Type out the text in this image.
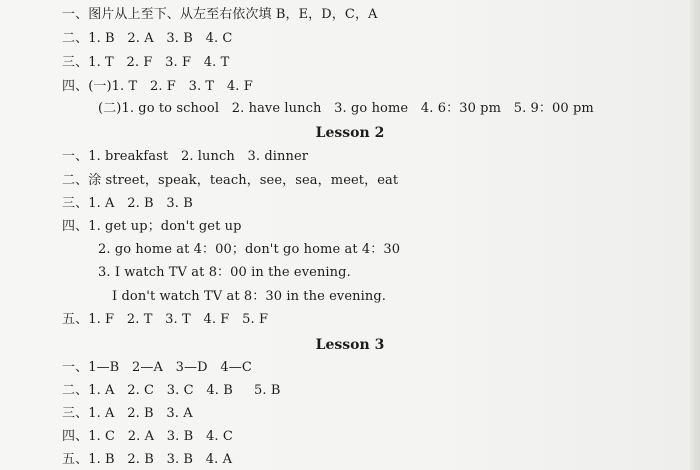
一、图片从上至下、从左至右依次填 B，E，D，C，A
二、1. B   2. A   3. B   4. C
三、1. T   2. F   3. F   4. T
四、(一)1. T   2. F   3. T   4. F
(二)1. go to school   2. have lunch   3. go home   4. 6：30 pm   5. 9：00 pm
Lesson 2
一、1. breakfast   2. lunch   3. dinner
二、涂 street，speak，teach，see，sea，meet，eat
三、1. A   2. B   3. B
四、1. get up；don't get up
2. go home at 4：00；don't go home at 4：30
3. I watch TV at 8：00 in the evening.
I don't watch TV at 8：30 in the evening.
五、1. F   2. T   3. T   4. F   5. F
Lesson 3
一、1—B   2—A   3—D   4—C
二、1. A   2. C   3. C   4. B     5. B
三、1. A   2. B   3. A
四、1. C   2. A   3. B   4. C
五、1. B   2. B   3. B   4. A
